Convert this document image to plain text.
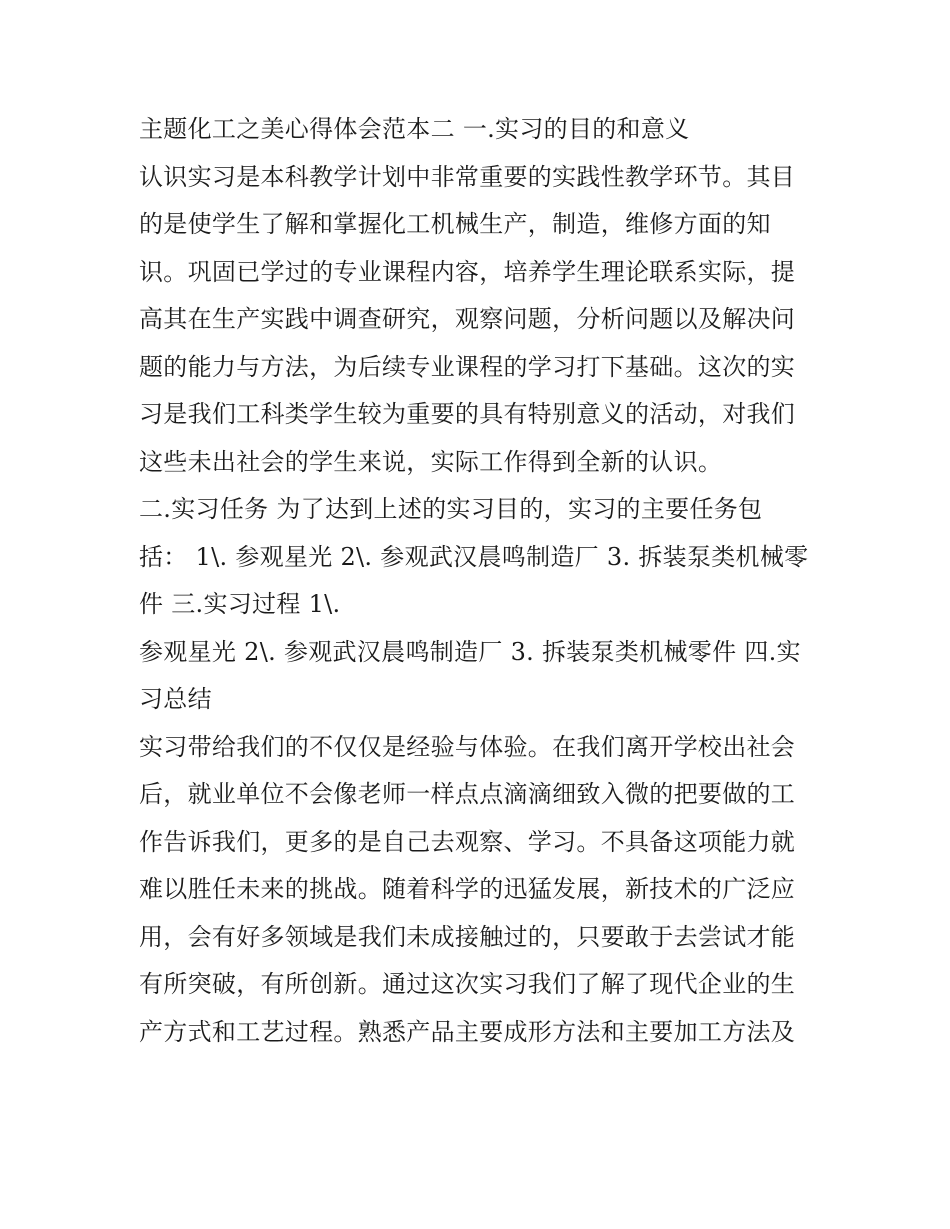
主题化工之美心得体会范本二 一.实习的目的和意义
认识实习是本科教学计划中非常重要的实践性教学环节。其目
的是使学生了解和掌握化工机械生产，制造，维修方面的知
识。巩固已学过的专业课程内容，培养学生理论联系实际，提
高其在生产实践中调查研究，观察问题，分析问题以及解决问
题的能力与方法，为后续专业课程的学习打下基础。这次的实
习是我们工科类学生较为重要的具有特别意义的活动，对我们
这些未出社会的学生来说，实际工作得到全新的认识。
二.实习任务 为了达到上述的实习目的，实习的主要任务包
括： 1\. 参观星光 2\. 参观武汉晨鸣制造厂 3. 拆装泵类机械零
件 三.实习过程 1\.
参观星光 2\. 参观武汉晨鸣制造厂 3. 拆装泵类机械零件 四.实
习总结
实习带给我们的不仅仅是经验与体验。在我们离开学校出社会
后，就业单位不会像老师一样点点滴滴细致入微的把要做的工
作告诉我们，更多的是自己去观察、学习。不具备这项能力就
难以胜任未来的挑战。随着科学的迅猛发展，新技术的广泛应
用，会有好多领域是我们未成接触过的，只要敢于去尝试才能
有所突破，有所创新。通过这次实习我们了解了现代企业的生
产方式和工艺过程。熟悉产品主要成形方法和主要加工方法及
